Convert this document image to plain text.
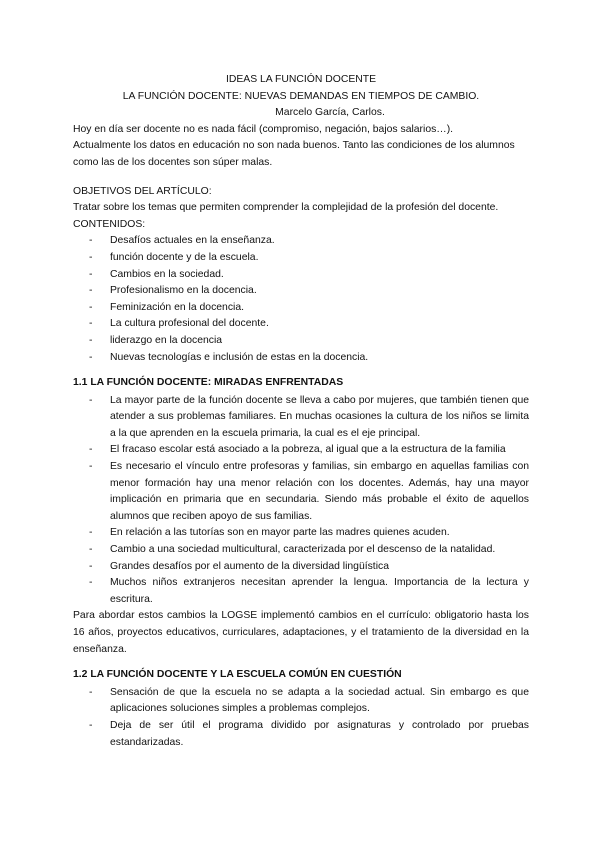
IDEAS LA FUNCIÓN DOCENTE

LA FUNCIÓN DOCENTE: NUEVAS DEMANDAS EN TIEMPOS DE CAMBIO.

Marcelo García, Carlos.

Hoy en día ser docente no es nada fácil (compromiso, negación, bajos salarios…).

Actualmente los datos en educación no son nada buenos. Tanto las condiciones de los alumnos como las de los docentes son súper malas.

OBJETIVOS DEL ARTÍCULO:

Tratar sobre los temas que permiten comprender la complejidad de la profesión del docente.

CONTENIDOS:

- Desafíos actuales en la enseñanza.
- función docente y de la escuela.
- Cambios en la sociedad.
- Profesionalismo en la docencia.
- Feminización en la docencia.
- La cultura profesional del docente.
- liderazgo en la docencia
- Nuevas tecnologías e inclusión de estas en la docencia.

1.1 LA FUNCIÓN DOCENTE: MIRADAS ENFRENTADAS

- La mayor parte de la función docente se lleva a cabo por mujeres, que también tienen que atender a sus problemas familiares. En muchas ocasiones la cultura de los niños se limita a la que aprenden en la escuela primaria, la cual es el eje principal.
- El fracaso escolar está asociado a la pobreza, al igual que a la estructura de la familia
- Es necesario el vínculo entre profesoras y familias, sin embargo en aquellas familias con menor formación hay una menor relación con los docentes. Además, hay una mayor implicación en primaria que en secundaria. Siendo más probable el éxito de aquellos alumnos que reciben apoyo de sus familias.
- En relación a las tutorías son en mayor parte las madres quienes acuden.
- Cambio a una sociedad multicultural, caracterizada por el descenso de la natalidad.
- Grandes desafíos por el aumento de la diversidad lingüística
- Muchos niños extranjeros necesitan aprender la lengua. Importancia de la lectura y escritura.

Para abordar estos cambios la LOGSE implementó cambios en el currículo: obligatorio hasta los 16 años, proyectos educativos, curriculares, adaptaciones, y el tratamiento de la diversidad en la enseñanza.

1.2 LA FUNCIÓN DOCENTE Y LA ESCUELA COMÚN EN CUESTIÓN

- Sensación de que la escuela no se adapta a la sociedad actual. Sin embargo es que aplicaciones soluciones simples a problemas complejos.
- Deja de ser útil el programa dividido por asignaturas y controlado por pruebas estandarizadas.
